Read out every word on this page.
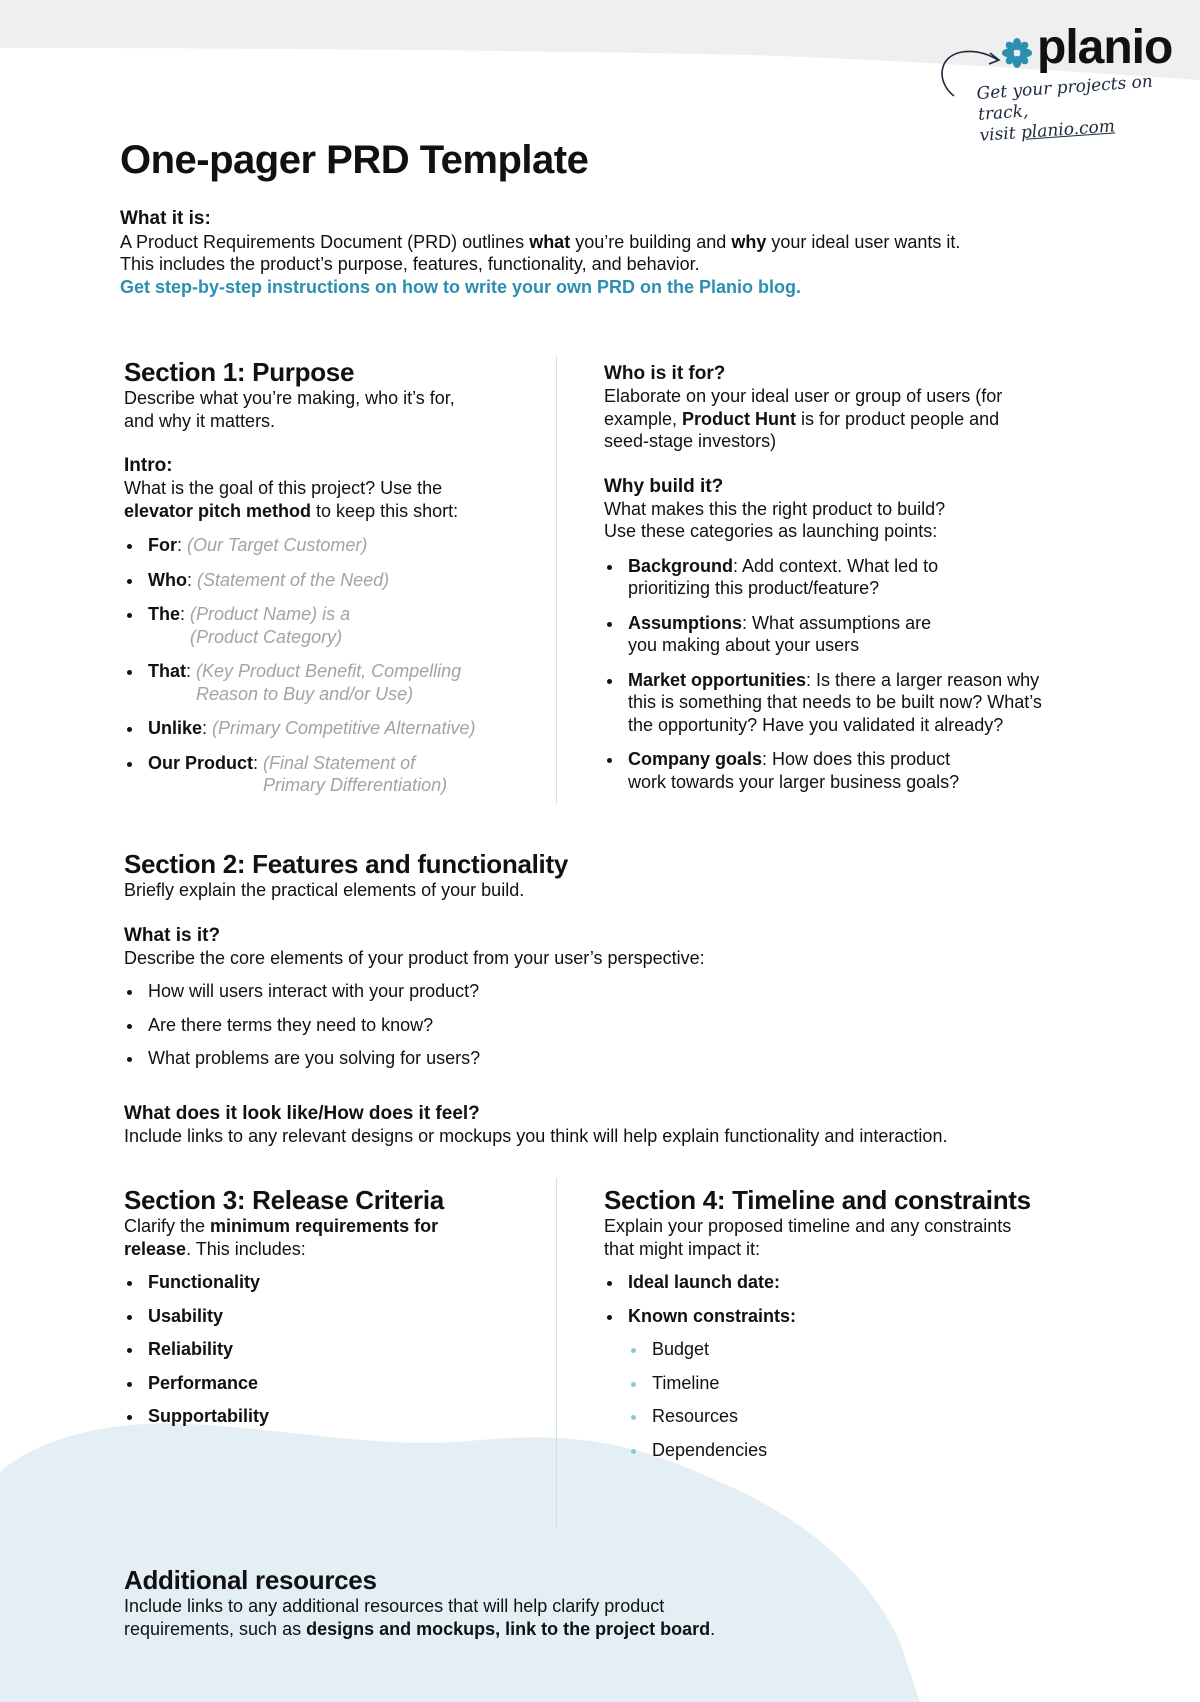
planio
Get your projects on track,
visit planio.com
One-pager PRD Template

What it is:

A Product Requirements Document (PRD) outlines what you’re building and why your ideal user wants it.

This includes the product’s purpose, features, functionality, and behavior.

Get step-by-step instructions on how to write your own PRD on the Planio blog.

Section 1: Purpose

Describe what you’re making, who it’s for,

and why it matters.

Intro:

What is the goal of this project? Use the

elevator pitch method to keep this short:

For: (Our Target Customer)
Who: (Statement of the Need)
The: (Product Name) is a
(Product Category)
That: (Key Product Benefit, Compelling
Reason to Buy and/or Use)
Unlike: (Primary Competitive Alternative)
Our Product: (Final Statement of
Primary Differentiation)

Who is it for?

Elaborate on your ideal user or group of users (for

example, Product Hunt is for product people and

seed-stage investors)

Why build it?

What makes this the right product to build?

Use these categories as launching points:

Background: Add context. What led to
prioritizing this product/feature?
Assumptions: What assumptions are
you making about your users
Market opportunities: Is there a larger reason why
this is something that needs to be built now? What’s
the opportunity? Have you validated it already?
Company goals: How does this product
work towards your larger business goals?
Section 2: Features and functionality

Briefly explain the practical elements of your build.

What is it?

Describe the core elements of your product from your user’s perspective:

How will users interact with your product?
Are there terms they need to know?
What problems are you solving for users?

What does it look like/How does it feel?

Include links to any relevant designs or mockups you think will help explain functionality and interaction.

Section 3: Release Criteria

Clarify the minimum requirements for

release. This includes:

Functionality
Usability
Reliability
Performance
Supportability
Section 4: Timeline and constraints

Explain your proposed timeline and any constraints

that might impact it:

Ideal launch date:
Known constraints:
Budget
Timeline
Resources
Dependencies
Additional resources

Include links to any additional resources that will help clarify product

requirements, such as designs and mockups, link to the project board.
